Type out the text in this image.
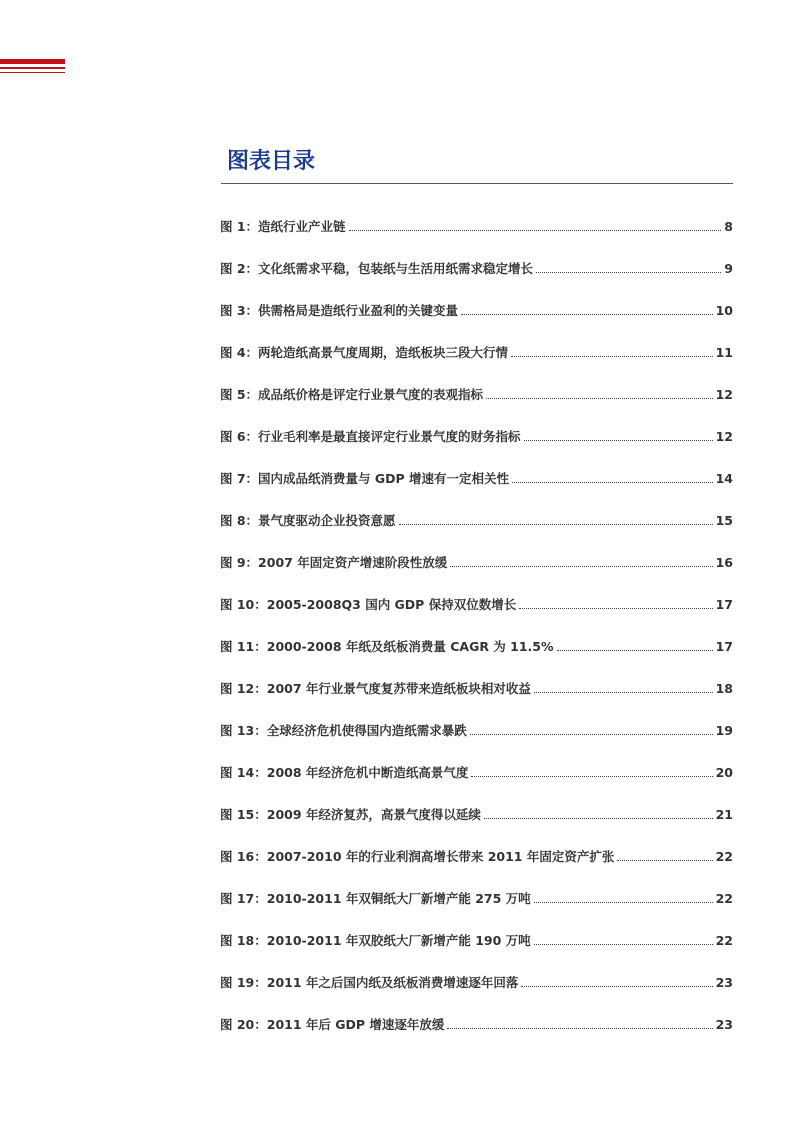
图表目录
图 1：造纸行业产业链	8
图 2：文化纸需求平稳，包装纸与生活用纸需求稳定增长	9
图 3：供需格局是造纸行业盈利的关键变量	10
图 4：两轮造纸高景气度周期，造纸板块三段大行情	11
图 5：成品纸价格是评定行业景气度的表观指标	12
图 6：行业毛利率是最直接评定行业景气度的财务指标	12
图 7：国内成品纸消费量与 GDP 增速有一定相关性	14
图 8：景气度驱动企业投资意愿	15
图 9：2007 年固定资产增速阶段性放缓	16
图 10：2005-2008Q3 国内 GDP 保持双位数增长	17
图 11：2000-2008 年纸及纸板消费量 CAGR 为 11.5%	17
图 12：2007 年行业景气度复苏带来造纸板块相对收益	18
图 13：全球经济危机使得国内造纸需求暴跌	19
图 14：2008 年经济危机中断造纸高景气度	20
图 15：2009 年经济复苏，高景气度得以延续	21
图 16：2007-2010 年的行业利润高增长带来 2011 年固定资产扩张	22
图 17：2010-2011 年双铜纸大厂新增产能 275 万吨	22
图 18：2010-2011 年双胶纸大厂新增产能 190 万吨	22
图 19：2011 年之后国内纸及纸板消费增速逐年回落	23
图 20：2011 年后 GDP 增速逐年放缓	23
